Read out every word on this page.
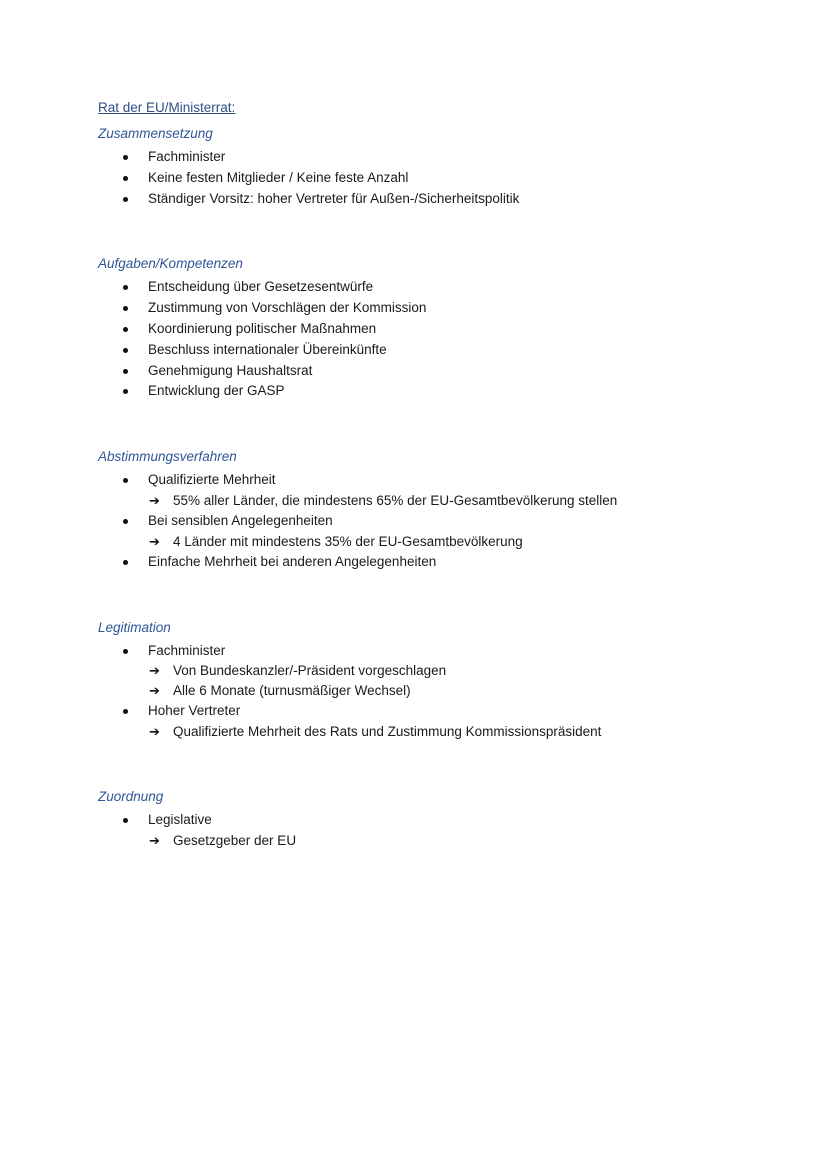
Rat der EU/Ministerrat:
Zusammensetzung
Fachminister
Keine festen Mitglieder / Keine feste Anzahl
Ständiger Vorsitz: hoher Vertreter für Außen-/Sicherheitspolitik
Aufgaben/Kompetenzen
Entscheidung über Gesetzesentwürfe
Zustimmung von Vorschlägen der Kommission
Koordinierung politischer Maßnahmen
Beschluss internationaler Übereinkünfte
Genehmigung Haushaltsrat
Entwicklung der GASP
Abstimmungsverfahren
Qualifizierte Mehrheit
➔ 55% aller Länder, die mindestens 65% der EU-Gesamtbevölkerung stellen
Bei sensiblen Angelegenheiten
➔ 4 Länder mit mindestens 35% der EU-Gesamtbevölkerung
Einfache Mehrheit bei anderen Angelegenheiten
Legitimation
Fachminister
➔ Von Bundeskanzler/-Präsident vorgeschlagen
➔ Alle 6 Monate (turnusmäßiger Wechsel)
Hoher Vertreter
➔ Qualifizierte Mehrheit des Rats und Zustimmung Kommissionspräsident
Zuordnung
Legislative
➔ Gesetzgeber der EU
